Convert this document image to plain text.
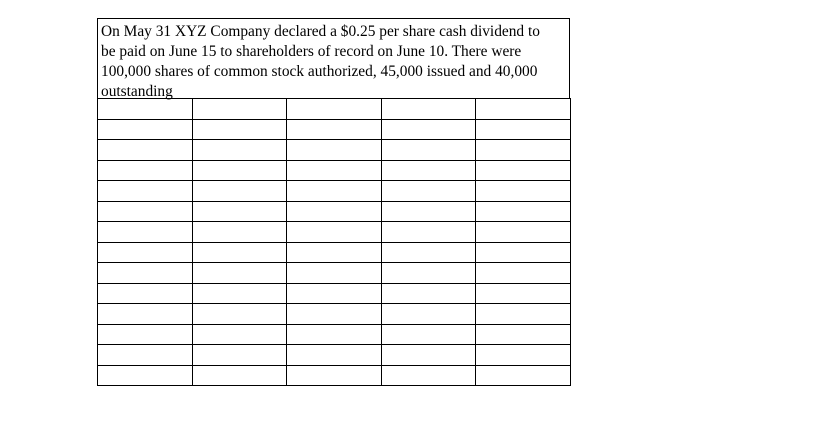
On May 31 XYZ Company declared a $0.25 per share cash dividend to
be paid on June 15 to shareholders of record on June 10. There were
100,000 shares of common stock authorized, 45,000 issued and 40,000
outstanding
